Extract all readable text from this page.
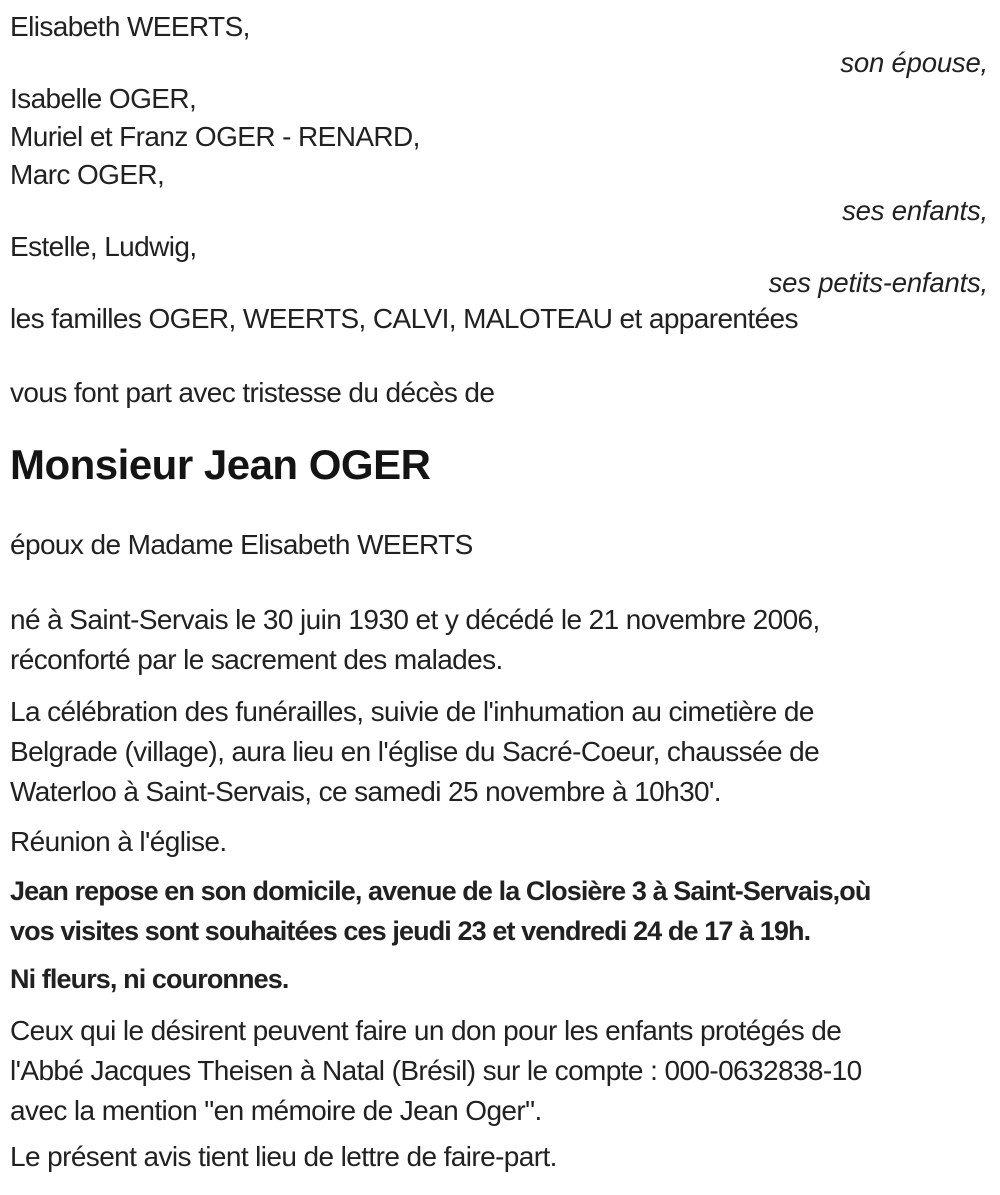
Elisabeth WEERTS,
son épouse,
Isabelle OGER,
Muriel et Franz OGER - RENARD,
Marc OGER,
ses enfants,
Estelle, Ludwig,
ses petits-enfants,
les familles OGER, WEERTS, CALVI, MALOTEAU et apparentées
vous font part avec tristesse du décès de
Monsieur Jean OGER
époux de Madame Elisabeth WEERTS
né à Saint-Servais le 30 juin 1930 et y décédé le 21 novembre 2006,
réconforté par le sacrement des malades.
La célébration des funérailles, suivie de l'inhumation au cimetière de
Belgrade (village), aura lieu en l'église du Sacré-Coeur, chaussée de
Waterloo à Saint-Servais, ce samedi 25 novembre à 10h30'.
Réunion à l'église.
Jean repose en son domicile, avenue de la Closière 3 à Saint-Servais,où
vos visites sont souhaitées ces jeudi 23 et vendredi 24 de 17 à 19h.
Ni fleurs, ni couronnes.
Ceux qui le désirent peuvent faire un don pour les enfants protégés de
l'Abbé Jacques Theisen à Natal (Brésil) sur le compte : 000-0632838-10
avec la mention "en mémoire de Jean Oger".
Le présent avis tient lieu de lettre de faire-part.
